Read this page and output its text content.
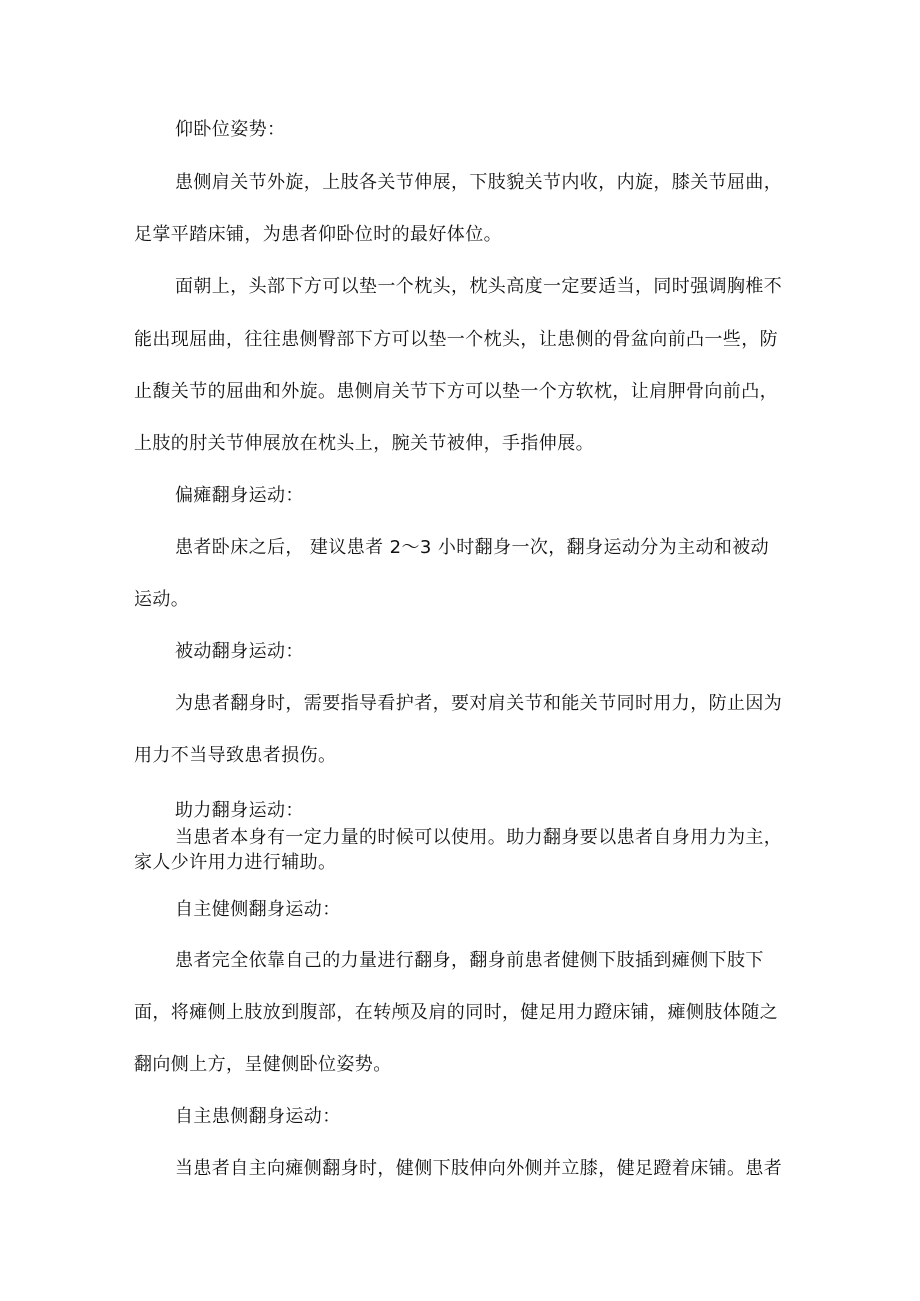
仰卧位姿势：
患侧肩关节外旋，上肢各关节伸展，下肢貌关节内收，内旋，膝关节屈曲，
足掌平踏床铺，为患者仰卧位时的最好体位。
面朝上，头部下方可以垫一个枕头，枕头高度一定要适当，同时强调胸椎不
能出现屈曲，往往患侧臀部下方可以垫一个枕头，让患侧的骨盆向前凸一些，防
止馥关节的屈曲和外旋。患侧肩关节下方可以垫一个方软枕，让肩胛骨向前凸，
上肢的肘关节伸展放在枕头上，腕关节被伸，手指伸展。
偏瘫翻身运动：
患者卧床之后， 建议患者 2～3 小时翻身一次，翻身运动分为主动和被动
运动。
被动翻身运动：
为患者翻身时，需要指导看护者，要对肩关节和能关节同时用力，防止因为
用力不当导致患者损伤。
助力翻身运动：
当患者本身有一定力量的时候可以使用。助力翻身要以患者自身用力为主，
家人少许用力进行辅助。
自主健侧翻身运动：
患者完全依靠自己的力量进行翻身，翻身前患者健侧下肢插到瘫侧下肢下
面，将瘫侧上肢放到腹部，在转颅及肩的同时，健足用力蹬床铺，瘫侧肢体随之
翻向侧上方，呈健侧卧位姿势。
自主患侧翻身运动：
当患者自主向瘫侧翻身时，健侧下肢伸向外侧并立膝，健足蹬着床铺。患者
